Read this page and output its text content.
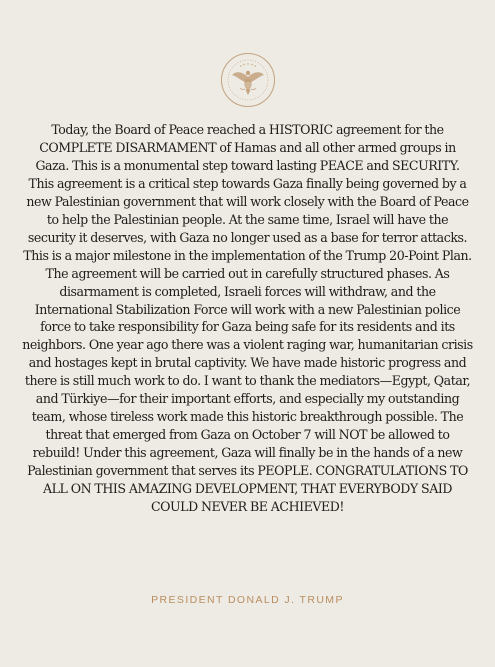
Today, the Board of Peace reached a HISTORIC agreement for the COMPLETE DISARMAMENT of Hamas and all other armed groups in Gaza. This is a monumental step toward lasting PEACE and SECURITY. This agreement is a critical step towards Gaza finally being governed by a new Palestinian government that will work closely with the Board of Peace to help the Palestinian people. At the same time, Israel will have the security it deserves, with Gaza no longer used as a base for terror attacks. This is a major milestone in the implementation of the Trump 20-Point Plan. The agreement will be carried out in carefully structured phases. As disarmament is completed, Israeli forces will withdraw, and the International Stabilization Force will work with a new Palestinian police force to take responsibility for Gaza being safe for its residents and its neighbors. One year ago there was a violent raging war, humanitarian crisis and hostages kept in brutal captivity. We have made historic progress and there is still much work to do. I want to thank the mediators—Egypt, Qatar, and Türkiye—for their important efforts, and especially my outstanding team, whose tireless work made this historic breakthrough possible. The threat that emerged from Gaza on October 7 will NOT be allowed to rebuild! Under this agreement, Gaza will finally be in the hands of a new Palestinian government that serves its PEOPLE. CONGRATULATIONS TO ALL ON THIS AMAZING DEVELOPMENT, THAT EVERYBODY SAID COULD NEVER BE ACHIEVED!

PRESIDENT DONALD J. TRUMP
